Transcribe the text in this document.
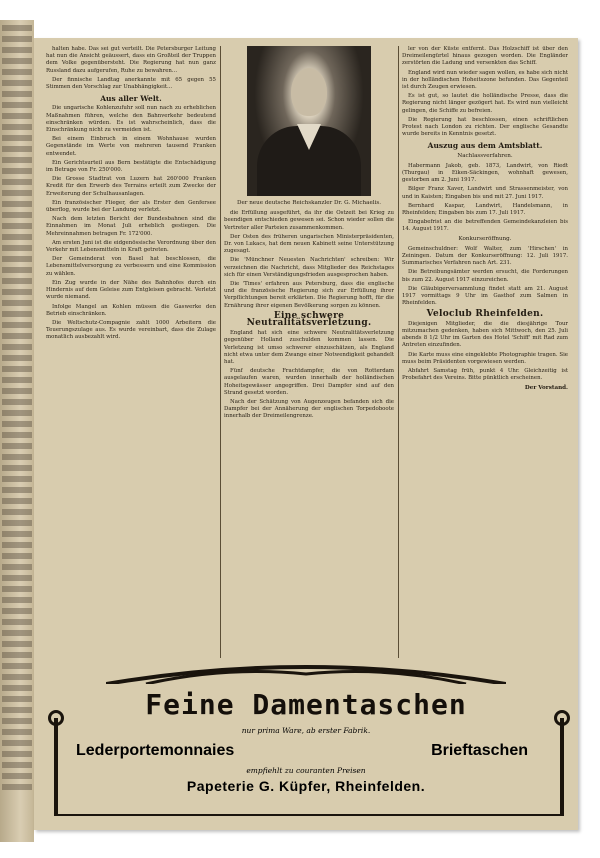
halten habe. Das sei gut verteilt. Die Petersburger Leitung hat nun die Ansicht geäussert, dass ein Großteil der Truppen dem Volke gegenübersteht. Die Regierung hat nun ganz Russland dazu aufgerufen, Ruhe zu bewahren...

Der finnische Landtag anerkannte mit 65 gegen 55 Stimmen den Vorschlag zur Unabhängigkeit...

Aus aller Welt.

Die ungarische Kohlenzufuhr soll nun nach zu erheblichen Maßnahmen führen, welche den Bahnverkehr bedeutend einschränken würden. Es ist wahrscheinlich, dass die Einschränkung nicht zu vermeiden ist.

Bei einem Einbruch in einem Wohnhause wurden Gegenstände im Werte von mehreren tausend Franken entwendet.

Ein Gerichtsurteil aus Bern bestätigte die Entschädigung im Betrage von Fr. 250'000.

Die Grosse Stadtrat von Luzern hat 260'000 Franken Kredit für den Erwerb des Terrains erteilt zum Zwecke der Erweiterung der Schulhausanlagen.

Ein französischer Flieger, der als Erster den Genfersee überflog, wurde bei der Landung verletzt.

Nach dem letzten Bericht der Bundesbahnen sind die Einnahmen im Monat Juli erheblich gestiegen. Die Mehreinnahmen betragen Fr. 172'000.

Am ersten Juni ist die eidgenössische Verordnung über den Verkehr mit Lebensmitteln in Kraft getreten.

Der Gemeinderat von Basel hat beschlossen, die Lebensmittelversorgung zu verbessern und eine Kommission zu wählen.

Ein Zug wurde in der Nähe des Bahnhofes durch ein Hindernis auf dem Geleise zum Entgleisen gebracht. Verletzt wurde niemand.

Infolge Mangel an Kohlen müssen die Gaswerke den Betrieb einschränken.

Die Weltschutz-Compagnie zahlt 1000 Arbeitern die Teuerungszulage aus. Es wurde vereinbart, dass die Zulage monatlich ausbezahlt wird.

Der neue deutsche Reichskanzler Dr. G. Michaelis.

die Erfüllung ausgeführt, da ihr die Ostzeit bei Krieg zu beendigen entschieden gewesen sei. Schon wieder sollen die Vertreter aller Parteien zusammenkommen.

Der Osten des früheren ungarischen Ministerpräsidenten, Dr. von Lukacs, hat dem neuen Kabinett seine Unterstützung zugesagt.

Die 'Münchner Neuesten Nachrichten' schreiben: Wir verzeichnen die Nachricht, dass Mitglieder des Reichstages sich für einen Verständigungsfrieden ausgesprochen haben.

Die 'Times' erfahren aus Petersburg, dass die englische und die französische Regierung sich zur Erfüllung ihrer Verpflichtungen bereit erklärten. Die Regierung hofft, für die Ernährung ihrer eigenen Bevölkerung sorgen zu können.

Eine schwere Neutralitätsverletzung.

England hat sich eine schwere Neutralitätsverletzung gegenüber Holland zuschulden kommen lassen. Die Verletzung ist umso schwerer einzuschätzen, als England nicht etwa unter dem Zwange einer Notwendigkeit gehandelt hat.

Fünf deutsche Frachtdampfer, die von Rotterdam ausgelaufen waren, wurden innerhalb der holländischen Hoheitsgewässer angegriffen. Drei Dampfer sind auf den Strand gesetzt worden.

Nach der Schätzung von Augenzeugen befanden sich die Dampfer bei der Annäherung der englischen Torpedoboote innerhalb der Dreimeilengrenze.

ler von der Küste entfernt. Das Holzschiff ist über den Dreimeilengürtel hinaus gezogen worden. Die Engländer zerstörten die Ladung und versenkten das Schiff.

England wird nun wieder sagen wollen, es habe sich nicht in der holländischen Hoheitszone befunden. Das Gegenteil ist durch Zeugen erwiesen.

Es ist gut, so lautet die holländische Presse, dass die Regierung nicht länger gezögert hat. Es wird nun vielleicht gelingen, die Schiffe zu befreien.

Die Regierung hat beschlossen, einen schriftlichen Protest nach London zu richten. Der englische Gesandte wurde bereits in Kenntnis gesetzt.

Auszug aus dem Amtsblatt.
Nachlassverfahren.

Habermann Jakob, geb. 1873, Landwirt, von Riedt (Thurgau) in Eiken-Säckingen, wohnhaft gewesen, gestorben am 2. Juni 1917.

Bilger Franz Xaver, Landwirt und Strassenmeister, von und in Kaisten; Eingaben bis und mit 27. Juni 1917.

Bernhard Kaspar, Landwirt, Handelsmann, in Rheinfelden; Eingaben bis zum 17. Juli 1917.

Eingabefrist an die betreffenden Gemeindekanzleien bis 14. August 1917.

Konkurseröffnung.

Gemeinschuldner: Wolf Walter, zum 'Hirschen' in Zeiningen. Datum der Konkurseröffnung: 12. Juli 1917. Summarisches Verfahren nach Art. 231.

Die Betreibungsämter werden ersucht, die Forderungen bis zum 22. August 1917 einzureichen.

Die Gläubigerversammlung findet statt am 21. August 1917 vormittags 9 Uhr im Gasthof zum Salmen in Rheinfelden.

Veloclub Rheinfelden.

Diejenigen Mitglieder, die die diesjährige Tour mitzumachen gedenken, haben sich Mittwoch, den 25. Juli abends 8 1/2 Uhr im Garten des Hotel 'Schiff' mit Rad zum Antreten einzufinden.

Die Karte muss eine eingeklebte Photographie tragen. Sie muss beim Präsidenten vorgewiesen werden.

Abfahrt Samstag früh, punkt 4 Uhr. Gleichzeitig ist Probefahrt des Vereins. Bitte pünktlich erscheinen.

Der Vorstand.
Feine Damentaschen
nur prima Ware, ab erster Fabrik.
Lederportemonnaies	Brieftaschen
empfiehlt zu couranten Preisen
Papeterie G. Küpfer, Rheinfelden.
